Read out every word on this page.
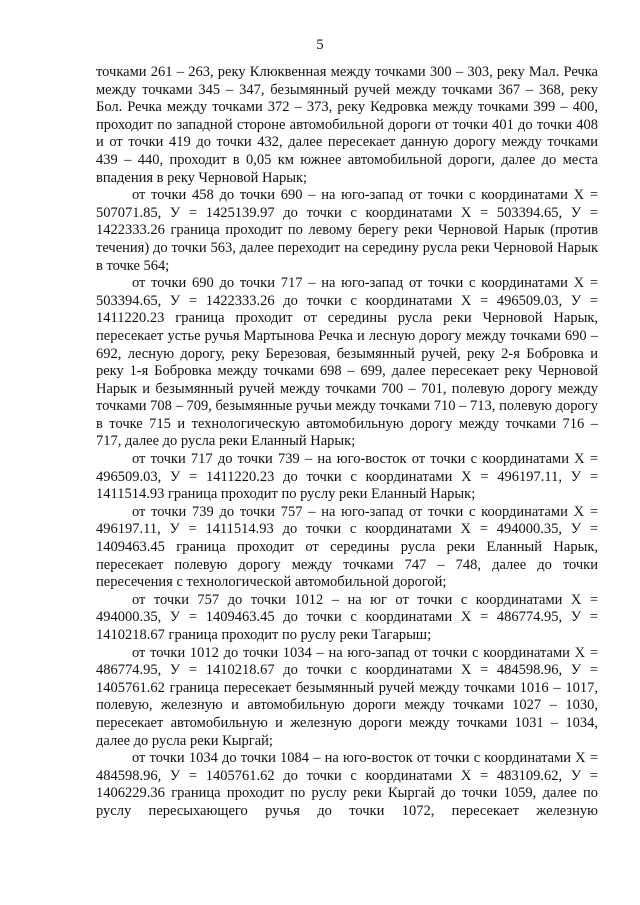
5

точками 261 – 263, реку Клюквенная между точками 300 – 303, реку Мал. Речка между точками 345 – 347, безымянный ручей между точками 367 – 368, реку Бол. Речка между точками 372 – 373, реку Кедровка между точками 399 – 400, проходит по западной стороне автомобильной дороги от точки 401 до точки 408 и от точки 419 до точки 432, далее пересекает данную дорогу между точками 439 – 440, проходит в 0,05 км южнее автомобильной дороги, далее до места впадения в реку Черновой Нарык;

от точки 458 до точки 690 – на юго-запад от точки с координатами X = 507071.85, У = 1425139.97 до точки с координатами X = 503394.65, У = 1422333.26 граница проходит по левому берегу реки Черновой Нарык (против течения) до точки 563, далее переходит на середину русла реки Черновой Нарык в точке 564;

от точки 690 до точки 717 – на юго-запад от точки с координатами X = 503394.65, У = 1422333.26 до точки с координатами X = 496509.03, У = 1411220.23 граница проходит от середины русла реки Черновой Нарык, пересекает устье ручья Мартынова Речка и лесную дорогу между точками 690 – 692, лесную дорогу, реку Березовая, безымянный ручей, реку 2-я Бобровка и реку 1-я Бобровка между точками 698 – 699, далее пересекает реку Черновой Нарык и безымянный ручей между точками 700 – 701, полевую дорогу между точками 708 – 709, безымянные ручьи между точками 710 – 713, полевую дорогу в точке 715 и технологическую автомобильную дорогу между точками 716 – 717, далее до русла реки Еланный Нарык;

от точки 717 до точки 739 – на юго-восток от точки с координатами X = 496509.03, У = 1411220.23 до точки с координатами X = 496197.11, У = 1411514.93 граница проходит по руслу реки Еланный Нарык;

от точки 739 до точки 757 – на юго-запад от точки с координатами X = 496197.11, У = 1411514.93 до точки с координатами X = 494000.35, У = 1409463.45 граница проходит от середины русла реки Еланный Нарык, пересекает полевую дорогу между точками 747 – 748, далее до точки пересечения с технологической автомобильной дорогой;

от точки 757 до точки 1012 – на юг от точки с координатами X = 494000.35, У = 1409463.45 до точки с координатами X = 486774.95, У = 1410218.67 граница проходит по руслу реки Тагарыш;

от точки 1012 до точки 1034 – на юго-запад от точки с координатами X = 486774.95, У = 1410218.67 до точки с координатами X = 484598.96, У = 1405761.62 граница пересекает безымянный ручей между точками 1016 – 1017, полевую, железную и автомобильную дороги между точками 1027 – 1030, пересекает автомобильную и железную дороги между точками 1031 – 1034, далее до русла реки Кыргай;

от точки 1034 до точки 1084 – на юго-восток от точки с координатами X = 484598.96, У = 1405761.62 до точки с координатами X = 483109.62, У = 1406229.36 граница проходит по руслу реки Кыргай до точки 1059, далее по руслу пересыхающего ручья до точки 1072, пересекает железную
